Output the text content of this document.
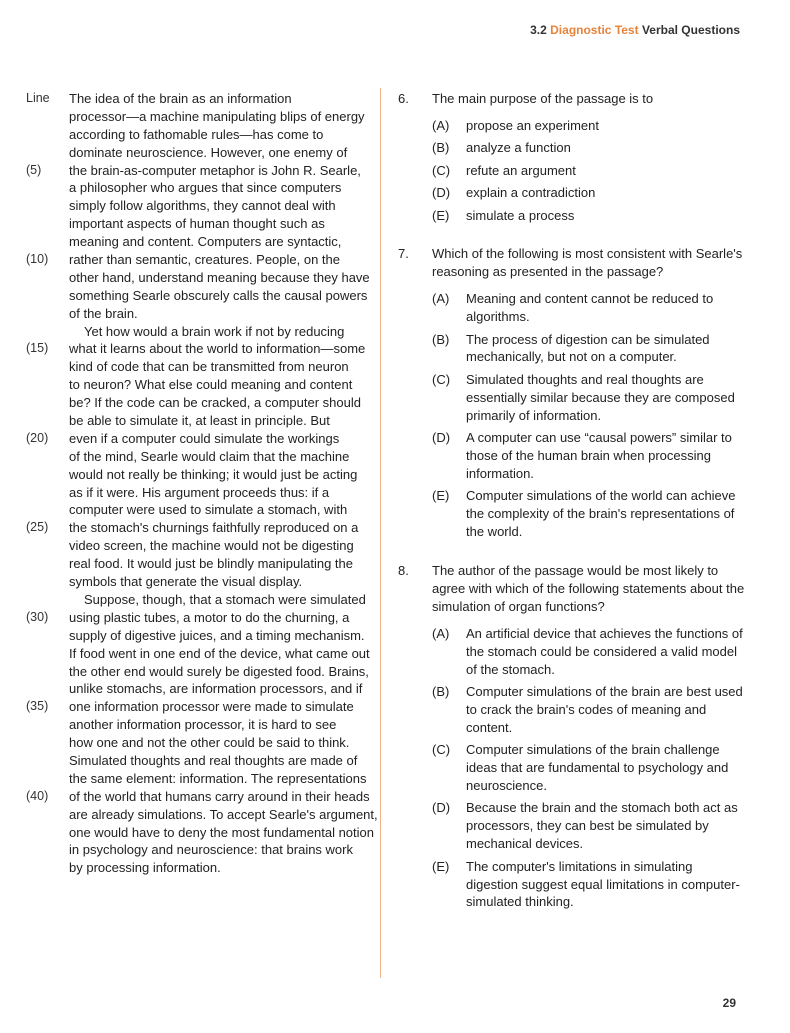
3.2 Diagnostic Test Verbal Questions
Line The idea of the brain as an information
processor—a machine manipulating blips of energy
according to fathomable rules—has come to
dominate neuroscience. However, one enemy of
(5) the brain-as-computer metaphor is John R. Searle,
a philosopher who argues that since computers
simply follow algorithms, they cannot deal with
important aspects of human thought such as
meaning and content. Computers are syntactic,
(10) rather than semantic, creatures. People, on the
other hand, understand meaning because they have
something Searle obscurely calls the causal powers
of the brain.
Yet how would a brain work if not by reducing
(15) what it learns about the world to information—some
kind of code that can be transmitted from neuron
to neuron? What else could meaning and content
be? If the code can be cracked, a computer should
be able to simulate it, at least in principle. But
(20) even if a computer could simulate the workings
of the mind, Searle would claim that the machine
would not really be thinking; it would just be acting
as if it were. His argument proceeds thus: if a
computer were used to simulate a stomach, with
(25) the stomach's churnings faithfully reproduced on a
video screen, the machine would not be digesting
real food. It would just be blindly manipulating the
symbols that generate the visual display.
Suppose, though, that a stomach were simulated
(30) using plastic tubes, a motor to do the churning, a
supply of digestive juices, and a timing mechanism.
If food went in one end of the device, what came out
the other end would surely be digested food. Brains,
unlike stomachs, are information processors, and if
(35) one information processor were made to simulate
another information processor, it is hard to see
how one and not the other could be said to think.
Simulated thoughts and real thoughts are made of
the same element: information. The representations
(40) of the world that humans carry around in their heads
are already simulations. To accept Searle's argument,
one would have to deny the most fundamental notion
in psychology and neuroscience: that brains work
by processing information.
6.	The main purpose of the passage is to
(A)	propose an experiment
(B)	analyze a function
(C)	refute an argument
(D)	explain a contradiction
(E)	simulate a process
7.	Which of the following is most consistent with Searle's reasoning as presented in the passage?
(A)	Meaning and content cannot be reduced to algorithms.
(B)	The process of digestion can be simulated mechanically, but not on a computer.
(C)	Simulated thoughts and real thoughts are essentially similar because they are composed primarily of information.
(D)	A computer can use “causal powers” similar to those of the human brain when processing information.
(E)	Computer simulations of the world can achieve the complexity of the brain's representations of the world.
8.	The author of the passage would be most likely to agree with which of the following statements about the simulation of organ functions?
(A)	An artificial device that achieves the functions of the stomach could be considered a valid model of the stomach.
(B)	Computer simulations of the brain are best used to crack the brain's codes of meaning and content.
(C)	Computer simulations of the brain challenge ideas that are fundamental to psychology and neuroscience.
(D)	Because the brain and the stomach both act as processors, they can best be simulated by mechanical devices.
(E)	The computer's limitations in simulating digestion suggest equal limitations in computer-simulated thinking.
29
